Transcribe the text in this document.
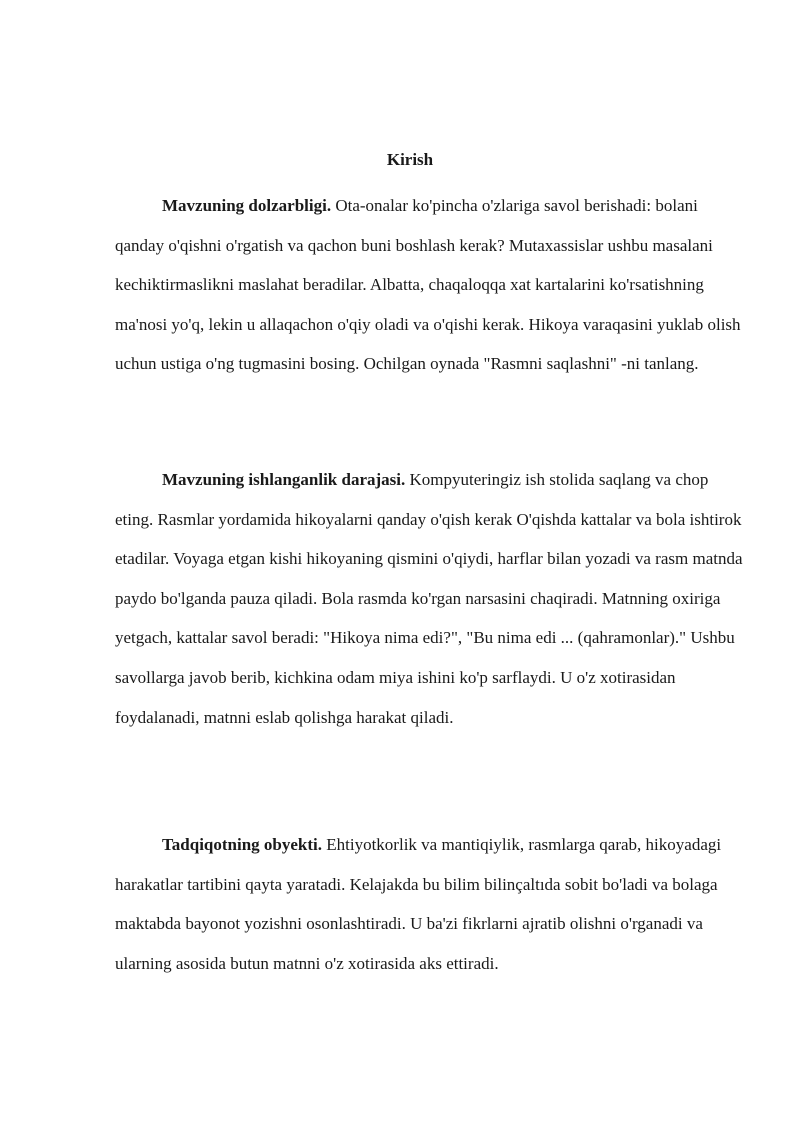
Kirish

Mavzuning dolzarbligi. Ota-onalar ko'pincha o'zlariga savol berishadi: bolani qanday o'qishni o'rgatish va qachon buni boshlash kerak? Mutaxassislar ushbu masalani kechiktirmaslikni maslahat beradilar. Albatta, chaqaloqqa xat kartalarini ko'rsatishning ma'nosi yo'q, lekin u allaqachon o'qiy oladi va o'qishi kerak. Hikoya varaqasini yuklab olish uchun ustiga o'ng tugmasini bosing. Ochilgan oynada "Rasmni saqlashni" -ni tanlang.

Mavzuning ishlanganlik darajasi. Kompyuteringiz ish stolida saqlang va chop eting. Rasmlar yordamida hikoyalarni qanday o'qish kerak O'qishda kattalar va bola ishtirok etadilar. Voyaga etgan kishi hikoyaning qismini o'qiydi, harflar bilan yozadi va rasm matnda paydo bo'lganda pauza qiladi. Bola rasmda ko'rgan narsasini chaqiradi. Matnning oxiriga yetgach, kattalar savol beradi: "Hikoya nima edi?", "Bu nima edi ... (qahramonlar)." Ushbu savollarga javob berib, kichkina odam miya ishini ko'p sarflaydi. U o'z xotirasidan foydalanadi, matnni eslab qolishga harakat qiladi.

Tadqiqotning obyekti. Ehtiyotkorlik va mantiqiylik, rasmlarga qarab, hikoyadagi harakatlar tartibini qayta yaratadi. Kelajakda bu bilim bilinçaltıda sobit bo'ladi va bolaga maktabda bayonot yozishni osonlashtiradi. U ba'zi fikrlarni ajratib olishni o'rganadi va ularning asosida butun matnni o'z xotirasida aks ettiradi.
